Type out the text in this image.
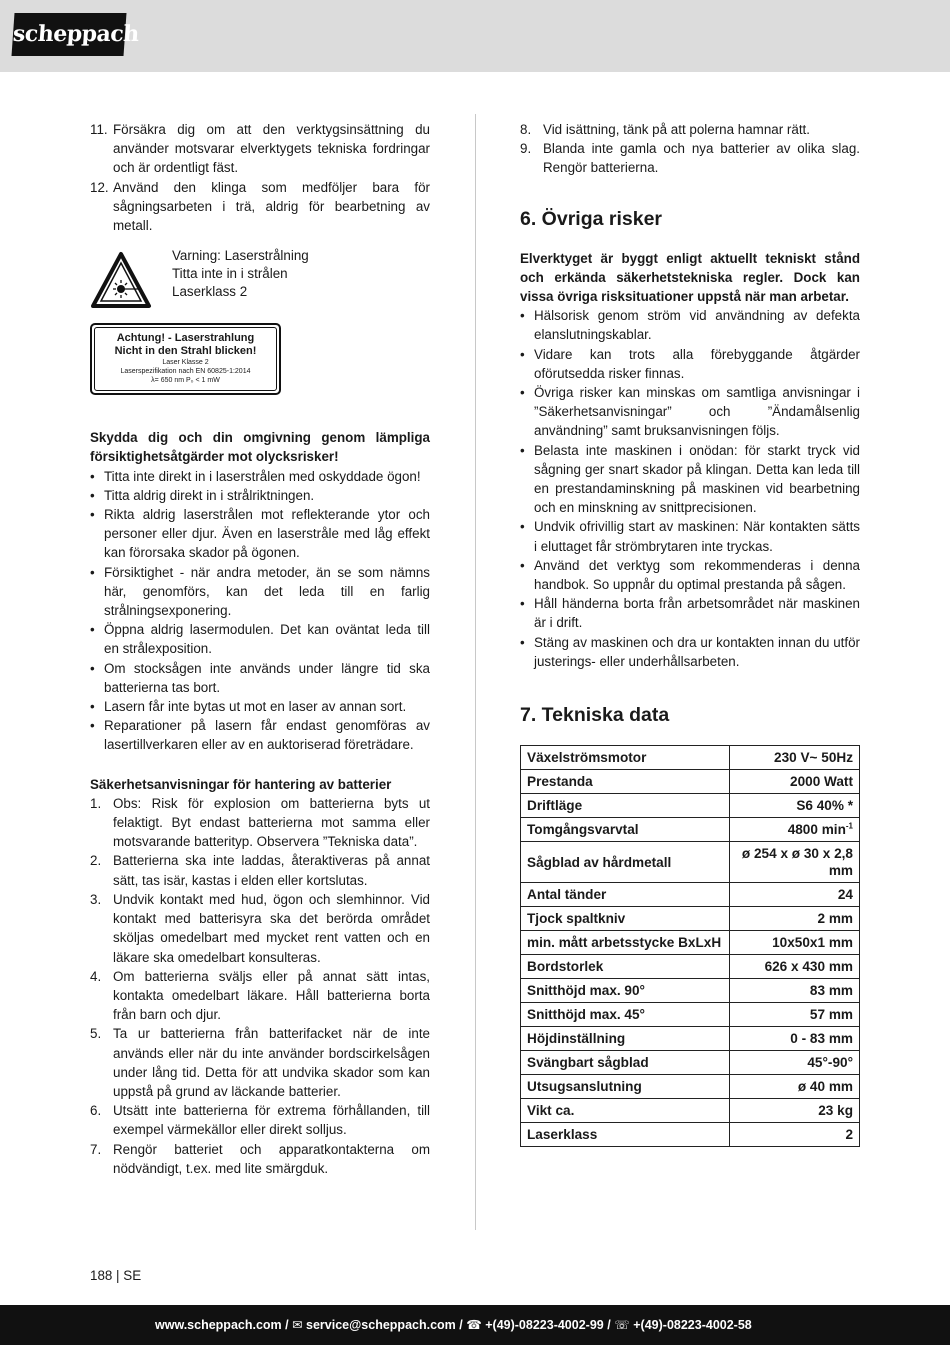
scheppach
11. Försäkra dig om att den verktygsinsättning du använder motsvarar elverktygets tekniska fordringar och är ordentligt fäst.
12. Använd den klinga som medföljer bara för sågningsarbeten i trä, aldrig för bearbetning av metall.
Varning: Laserstrålning
Titta inte in i strålen
Laserklass 2
Achtung! - Laserstrahlung
Nicht in den Strahl blicken!
Laser Klasse 2
Laserspezifikation nach EN 60825-1:2014
λ= 650 nm P₀ < 1 mW
Skydda dig och din omgivning genom lämpliga försiktighetsåtgärder mot olycksrisker!
• Titta inte direkt in i laserstrålen med oskyddade ögon!
• Titta aldrig direkt in i strålriktningen.
• Rikta aldrig laserstrålen mot reflekterande ytor och personer eller djur. Även en laserstråle med låg effekt kan förorsaka skador på ögonen.
• Försiktighet - när andra metoder, än se som nämns här, genomförs, kan det leda till en farlig strålningsexponering.
• Öppna aldrig lasermodulen. Det kan oväntat leda till en strålexposition.
• Om stocksågen inte används under längre tid ska batterierna tas bort.
• Lasern får inte bytas ut mot en laser av annan sort.
• Reparationer på lasern får endast genomföras av lasertillverkaren eller av en auktoriserad företrädare.
Säkerhetsanvisningar för hantering av batterier
1. Obs: Risk för explosion om batterierna byts ut felaktigt. Byt endast batterierna mot samma eller motsvarande batterityp. Observera ”Tekniska data”.
2. Batterierna ska inte laddas, återaktiveras på annat sätt, tas isär, kastas i elden eller kortslutas.
3. Undvik kontakt med hud, ögon och slemhinnor. Vid kontakt med batterisyra ska det berörda området sköljas omedelbart med mycket rent vatten och en läkare ska omedelbart konsulteras.
4. Om batterierna sväljs eller på annat sätt intas, kontakta omedelbart läkare. Håll batterierna borta från barn och djur.
5. Ta ur batterierna från batterifacket när de inte används eller när du inte använder bordscirkelsågen under lång tid. Detta för att undvika skador som kan uppstå på grund av läckande batterier.
6. Utsätt inte batterierna för extrema förhållanden, till exempel värmekällor eller direkt solljus.
7. Rengör batteriet och apparatkontakterna om nödvändigt, t.ex. med lite smärgduk.
8. Vid isättning, tänk på att polerna hamnar rätt.
9. Blanda inte gamla och nya batterier av olika slag. Rengör batterierna.
6. Övriga risker
Elverktyget är byggt enligt aktuellt tekniskt stånd och erkända säkerhetstekniska regler. Dock kan vissa övriga risksituationer uppstå när man arbetar.
• Hälsorisk genom ström vid användning av defekta elanslutningskablar.
• Vidare kan trots alla förebyggande åtgärder oförutsedda risker finnas.
• Övriga risker kan minskas om samtliga anvisningar i ”Säkerhetsanvisningar” och ”Ändamålsenlig användning” samt bruksanvisningen följs.
• Belasta inte maskinen i onödan: för starkt tryck vid sågning ger snart skador på klingan. Detta kan leda till en prestandaminskning på maskinen vid bearbetning och en minskning av snittprecisionen.
• Undvik ofrivillig start av maskinen: När kontakten sätts i eluttaget får strömbrytaren inte tryckas.
• Använd det verktyg som rekommenderas i denna handbok. So uppnår du optimal prestanda på sågen.
• Håll händerna borta från arbetsområdet när maskinen är i drift.
• Stäng av maskinen och dra ur kontakten innan du utför justerings- eller underhållsarbeten.
7. Tekniska data
Växelströmsmotor	230 V~ 50Hz
Prestanda	2000 Watt
Driftläge	S6 40% *
Tomgångsvarvtal	4800 $\min^{-1}$
Sågblad av hårdmetall	ø 254 x ø 30 x 2,8 mm
Antal tänder	24
Tjock spaltkniv	2 mm
min. mått arbetsstycke BxLxH	10x50x1 mm
Bordstorlek	626 x 430 mm
Snitthöjd max. 90°	83 mm
Snitthöjd max. 45°	57 mm
Höjdinställning	0 - 83 mm
Svängbart sågblad	45°-90°
Utsugsanslutning	ø 40 mm
Vikt ca.	23 kg
Laserklass	2
188 | SE
www.scheppach.com / ✉ service@scheppach.com / ☎ +(49)-08223-4002-99 / ☏ +(49)-08223-4002-58
